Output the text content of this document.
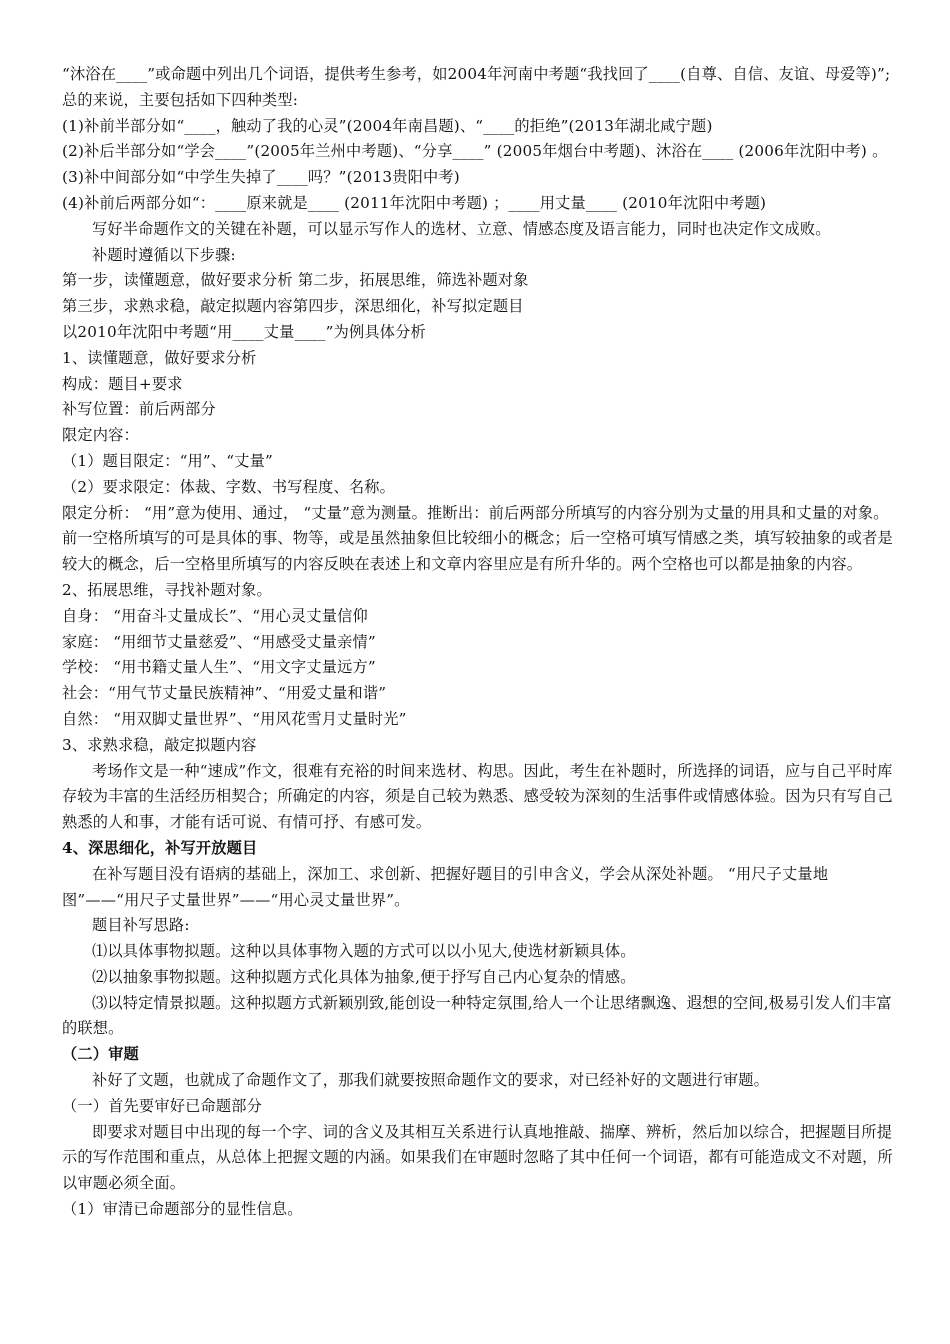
“沐浴在____”或命题中列出几个词语，提供考生参考，如2004年河南中考题“我找回了____(自尊、自信、友谊、母爱等)”;总的来说，主要包括如下四种类型:

(1)补前半部分如“____，触动了我的心灵”(2004年南昌题)、“____的拒绝”(2013年湖北咸宁题)

(2)补后半部分如“学会____”(2005年兰州中考题)、“分享____” (2005年烟台中考题)、沐浴在____ (2006年沈阳中考) 。

(3)补中间部分如“中学生失掉了____吗？”(2013贵阳中考)

(4)补前后两部分如“：____原来就是____ (2011年沈阳中考题) ；____用丈量____ (2010年沈阳中考题)

写好半命题作文的关键在补题，可以显示写作人的选材、立意、情感态度及语言能力，同时也决定作文成败。

补题时遵循以下步骤:

第一步，读懂题意，做好要求分析 第二步，拓展思维，筛选补题对象

第三步，求熟求稳，敲定拟题内容第四步，深思细化，补写拟定题目

以2010年沈阳中考题“用____丈量____”为例具体分析

1、读懂题意，做好要求分析

构成：题目+要求

补写位置：前后两部分

限定内容：

（1）题目限定：“用”、“丈量”

（2）要求限定：体裁、字数、书写程度、名称。

限定分析： “用”意为使用、通过， “丈量”意为测量。推断出：前后两部分所填写的内容分别为丈量的用具和丈量的对象。前一空格所填写的可是具体的事、物等，或是虽然抽象但比较细小的概念；后一空格可填写情感之类，填写较抽象的或者是较大的概念，后一空格里所填写的内容反映在表述上和文章内容里应是有所升华的。两个空格也可以都是抽象的内容。

2、拓展思维，寻找补题对象。

自身： “用奋斗丈量成长”、“用心灵丈量信仰

家庭： “用细节丈量慈爱”、“用感受丈量亲情”

学校： “用书籍丈量人生”、“用文字丈量远方”

社会：“用气节丈量民族精神”、“用爱丈量和谐”

自然： “用双脚丈量世界”、“用风花雪月丈量时光”

3、求熟求稳，敲定拟题内容

考场作文是一种“速成”作文，很难有充裕的时间来选材、构思。因此，考生在补题时，所选择的词语，应与自己平时库存较为丰富的生活经历相契合；所确定的内容，须是自己较为熟悉、感受较为深刻的生活事件或情感体验。因为只有写自己熟悉的人和事，才能有话可说、有情可抒、有感可发。

4、深思细化，补写开放题目

在补写题目没有语病的基础上，深加工、求创新、把握好题目的引申含义，学会从深处补题。 “用尺子丈量地图”——“用尺子丈量世界”——“用心灵丈量世界”。

题目补写思路:

⑴以具体事物拟题。这种以具体事物入题的方式可以以小见大,使选材新颖具体。

⑵以抽象事物拟题。这种拟题方式化具体为抽象,便于抒写自己内心复杂的情感。

⑶以特定情景拟题。这种拟题方式新颖别致,能创设一种特定氛围,给人一个让思绪飘逸、遐想的空间,极易引发人们丰富的联想。

（二）审题

补好了文题，也就成了命题作文了，那我们就要按照命题作文的要求，对已经补好的文题进行审题。

（一）首先要审好已命题部分

即要求对题目中出现的每一个字、词的含义及其相互关系进行认真地推敲、揣摩、辨析，然后加以综合，把握题目所提示的写作范围和重点，从总体上把握文题的内涵。如果我们在审题时忽略了其中任何一个词语，都有可能造成文不对题，所以审题必须全面。

（1）审清已命题部分的显性信息。
